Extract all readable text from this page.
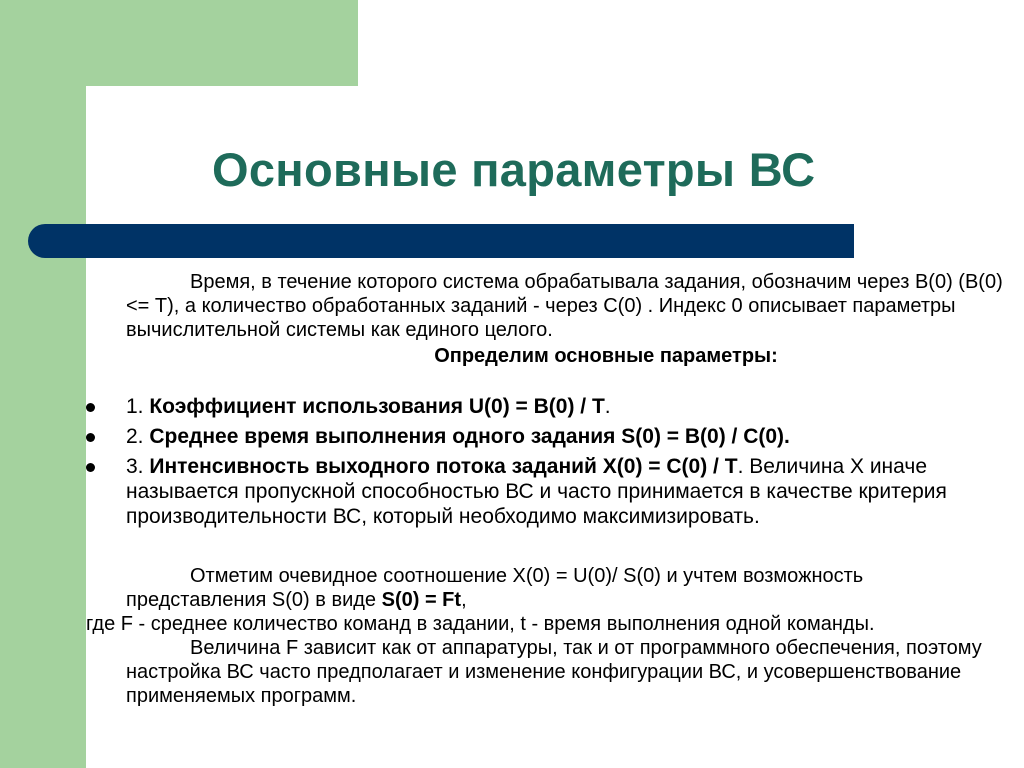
Основные параметры ВС

Время, в течение которого система обрабатывала задания, обозначим через В(0) (В(0) <= Т), а количество обработанных заданий - через С(0) . Индекс 0 описывает параметры вычислительной системы как единого целого.

Определим основные параметры:

1. Коэффициент использования U(0) = В(0) / Т.
2. Среднее время выполнения одного задания S(0) = В(0) / С(0).
3. Интенсивность выходного потока заданий X(0) = С(0) / Т. Величина Х иначе называется пропускной способностью ВС и часто принимается в качестве критерия производительности ВС, который необходимо максимизировать.

Отметим очевидное соотношение X(0) = U(0)/ S(0) и учтем возможность представления S(0) в виде S(0) = Ft,

где F - среднее количество команд в задании, t - время выполнения одной команды.

Величина F зависит как от аппаратуры, так и от программного обеспечения, поэтому настройка ВС часто предполагает и изменение конфигурации ВС, и усовершенствование применяемых программ.
